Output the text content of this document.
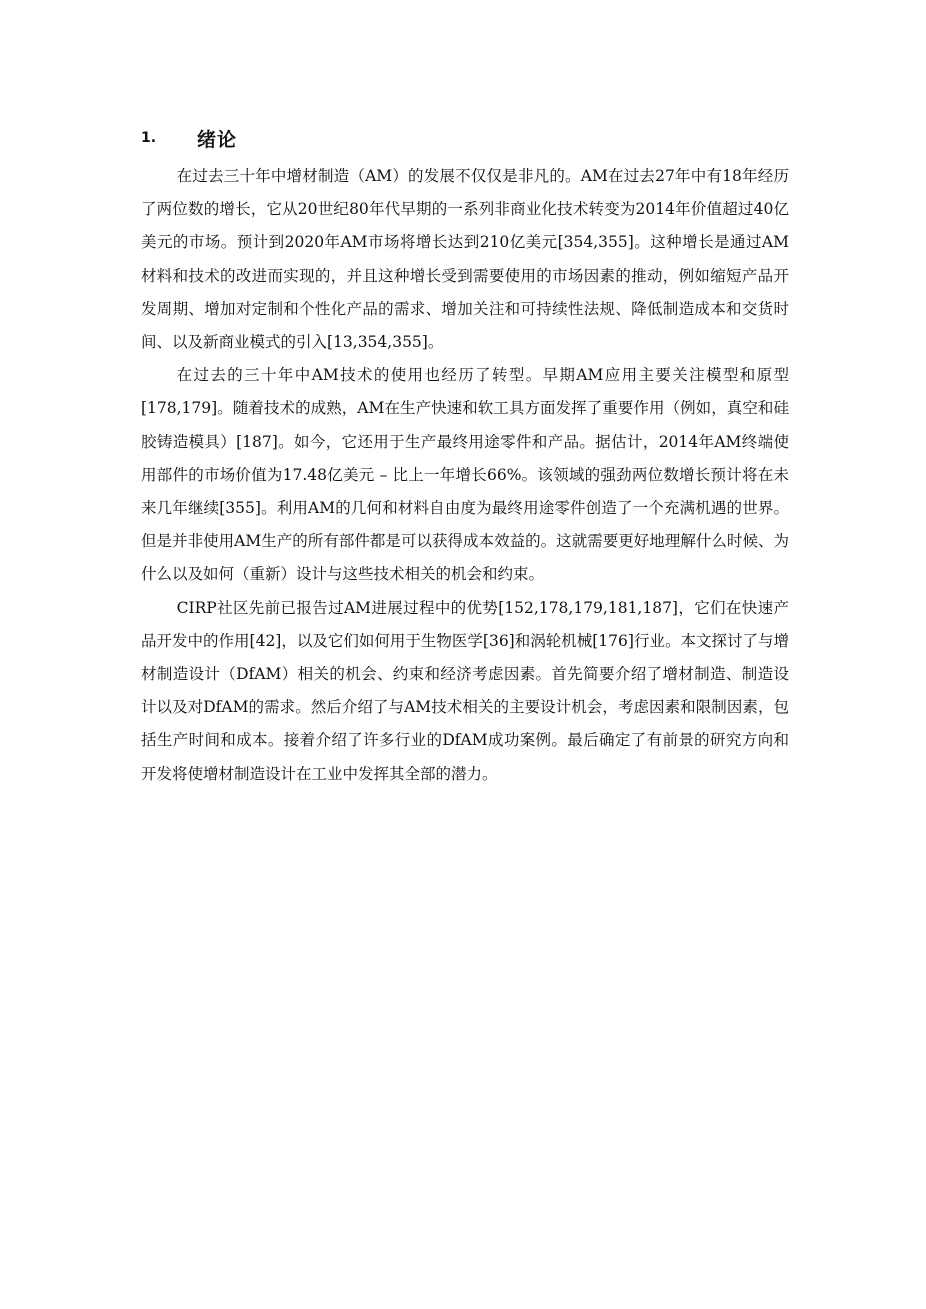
1.	绪论

在过去三十年中增材制造（AM）的发展不仅仅是非凡的。AM在过去27年中有18年经历了两位数的增长，它从20世纪80年代早期的一系列非商业化技术转变为2014年价值超过40亿美元的市场。预计到2020年AM市场将增长达到210亿美元[354,355]。这种增长是通过AM材料和技术的改进而实现的，并且这种增长受到需要使用的市场因素的推动，例如缩短产品开发周期、增加对定制和个性化产品的需求、增加关注和可持续性法规、降低制造成本和交货时间、以及新商业模式的引入[13,354,355]。

在过去的三十年中AM技术的使用也经历了转型。早期AM应用主要关注模型和原型[178,179]。随着技术的成熟，AM在生产快速和软工具方面发挥了重要作用（例如，真空和硅胶铸造模具）[187]。如今，它还用于生产最终用途零件和产品。据估计，2014年AM终端使用部件的市场价值为17.48亿美元 – 比上一年增长66%。该领域的强劲两位数增长预计将在未来几年继续[355]。利用AM的几何和材料自由度为最终用途零件创造了一个充满机遇的世界。但是并非使用AM生产的所有部件都是可以获得成本效益的。这就需要更好地理解什么时候、为什么以及如何（重新）设计与这些技术相关的机会和约束。

CIRP社区先前已报告过AM进展过程中的优势[152,178,179,181,187]，它们在快速产品开发中的作用[42]，以及它们如何用于生物医学[36]和涡轮机械[176]行业。本文探讨了与增材制造设计（DfAM）相关的机会、约束和经济考虑因素。首先简要介绍了增材制造、制造设计以及对DfAM的需求。然后介绍了与AM技术相关的主要设计机会，考虑因素和限制因素，包括生产时间和成本。接着介绍了许多行业的DfAM成功案例。最后确定了有前景的研究方向和开发将使增材制造设计在工业中发挥其全部的潜力。
